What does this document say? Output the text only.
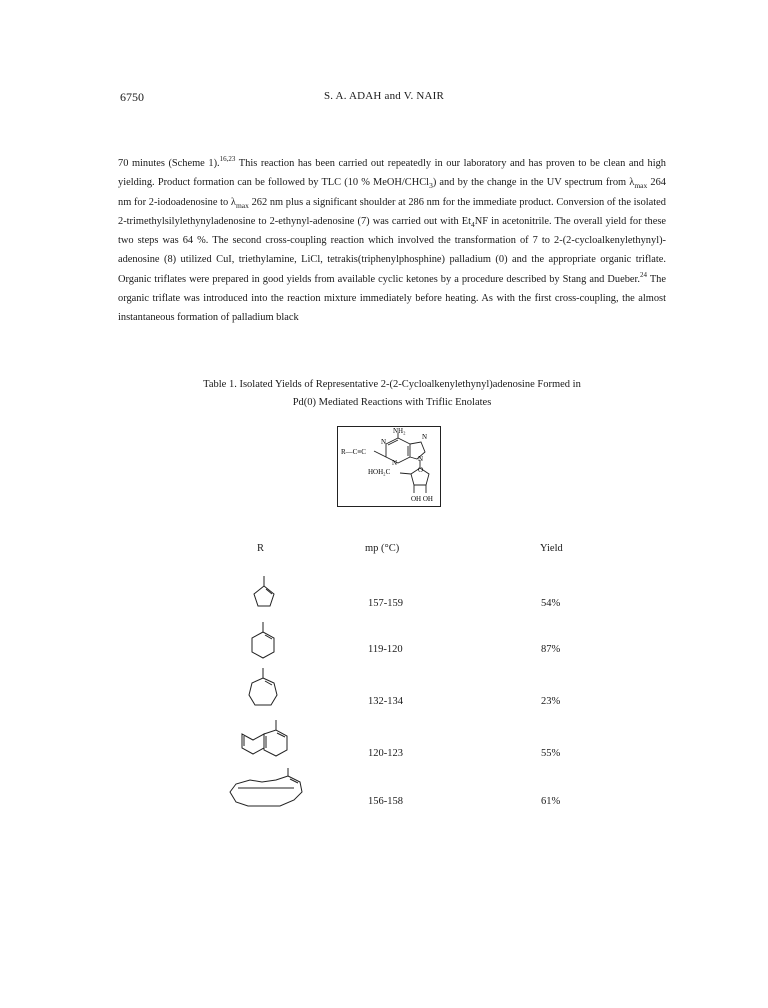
6750	S. A. ADAH and V. NAIR
70 minutes (Scheme 1).$^{16,23}$ This reaction has been carried out repeatedly in our laboratory and has proven to be clean and high yielding. Product formation can be followed by TLC (10 % MeOH/CHCl$_3$) and by the change in the UV spectrum from $\lambda_{max}$ 264 nm for 2-iodoadenosine to $\lambda_{max}$ 262 nm plus a significant shoulder at 286 nm for the immediate product. Conversion of the isolated 2-trimethylsilylethynyladenosine to 2-ethynyl-adenosine (7) was carried out with $Et_4NF$ in acetonitrile. The overall yield for these two steps was 64 %. The second cross-coupling reaction which involved the transformation of 7 to 2-(2-cycloalkenylethynyl)-adenosine (8) utilized CuI, triethylamine, LiCl, tetrakis(triphenylphosphine) palladium (0) and the appropriate organic triflate. Organic triflates were prepared in good yields from available cyclic ketones by a procedure described by Stang and Dueber.$^{24}$ The organic triflate was introduced into the reaction mixture immediately before heating. As with the first cross-coupling, the almost instantaneous formation of palladium black
Table 1. Isolated Yields of Representative 2-(2-Cycloalkenylethynyl)adenosine Formed in
Pd(0) Mediated Reactions with Triflic Enolates
NH₂
N
N
N	N
R—C≡C
HOH₂C	O
OH OH
R	mp (°C)	Yield
157-159	54%
119-120	87%
132-134	23%
120-123	55%
156-158	61%
